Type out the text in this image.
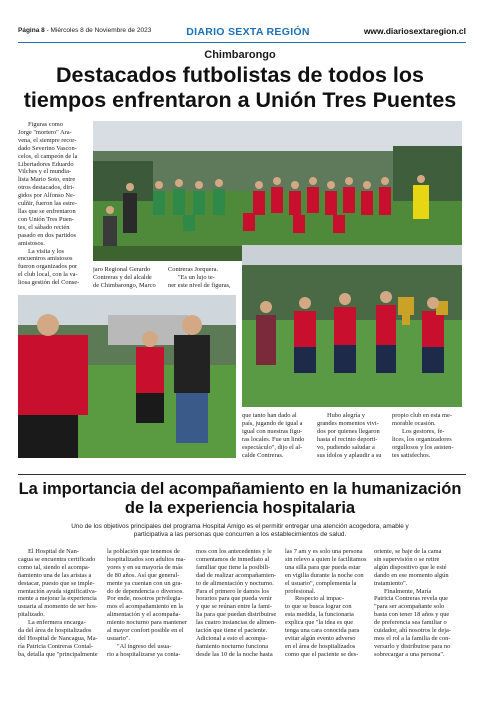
Página 8 - Miércoles 8 de Noviembre de 2023	DIARIO SEXTA REGIÓN	www.diariosextaregion.cl
Chimbarongo
Destacados futbolistas de todos los tiempos enfrentaron a Unión Tres Puentes
Figuras como
Jorge "mortero" Ara-
vena, el siempre recor-
dado Severino Vascon-
celos, el campeón de la
Libertadores Eduardo
Vilches y el mundia-
lista Mario Soto, entre
otros destacados, diri-
gidos por Alfonso Ne-
culñir, fueron las estre-
llas que se enfrentaron
con Unión Tres Puen-
tes, el sábado recién
pasado en dos partidos
amistosos.
La visita y los
encuentros amistosos
fueron organizados por
el club local, con la va-
liosa gestión del Conse-
jaro Regional Gerardo
Contreras y del alcalde
de Chimbarongo, Marco
Contreras Jorquera.
"Es un lujo te-
ner este nivel de figuras,
que tanto han dado al
país, jugando de igual a
igual con nuestras figu-
ras locales. Fue un lindo
espectáculo", dijo el al-
calde Contreras.
Hubo alegría y
grandes momentos vivi-
dos por quienes llegaron
hasta el recinto deporti-
vo, pudiendo saludar a
sus ídolos y aplaudir a su
propio club en esta me-
morable ocasión.
Los gestores, fe-
lices, los organizadores
orgullosos y los asisten-
tes satisfechos.
La importancia del acompañamiento en la humanización de la experiencia hospitalaria
Uno de los objetivos principales del programa Hospital Amigo es el permitir entregar una atención acogedora, amable y participativa a las personas que concurren a los establecimientos de salud.
El Hospital de Nan-
cagua se encuentra certificado
como tal, siendo el acompa-
ñamiento una de las aristas a
destacar, puesto que se imple-
mentación ayuda significativa-
mente a mejorar la experiencia
usuaria al momento de ser hos-
pitalizado.
La enfermera encarga-
da del área de hospitalizados
del Hospital de Nancagua, Ma-
ría Patricia Contreras Contal-
ba, detalla que "principalmente
la población que tenemos de
hospitalizados son adultos ma-
yores y en su mayoría de más
de 80 años. Así que general-
mente ya cuentan con un gra-
do de dependencia o diversos.
Por ende, nosotros privilegia-
mos el acompañamiento en la
alimentación y el acompaña-
miento nocturno para mantener
al mayor confort posible en el
usuario".
"Al ingreso del usua-
rio a hospitalizarse ya conta-
mos con los antecedentes y le
comentamos de inmediato al
familiar que tiene la posibili-
dad de realizar acompañamien-
to de alimentación y nocturno.
Para el primero le damos los
horarios para que pueda venir
y que se reúnan entre la fami-
lia para que puedan distribuirse
las cuatro instancias de alimen-
tación que tiene el paciente.
Adicional a esto el acompa-
ñamiento nocturno funciona
desde las 10 de la noche hasta
las 7 am y es solo una persona
sin relevo a quien le facilitamos
una silla para que pueda estar
en vigilia durante la noche con
el usuario", complementa la
profesional.
Respecto al impac-
to que se busca lograr con
esta medida, la funcionaria
explica que "la idea es que
tenga una cara conocida para
evitar algún evento adverso
en el área de hospitalizados
como que el paciente se des-
oriente, se baje de la cama
sin supervisión o se retire
algún dispositivo que le esté
dando en ese momento algún
tratamiento".
Finalmente, María
Patricia Contreras revela que
"para ser acompañante solo
basta con tener 18 años y que
de preferencia sea familiar o
cuidador, ahí nosotros le deja-
mos el rol a la familia de con-
versarlo y distribuirse para no
sobrecargar a una persona".
